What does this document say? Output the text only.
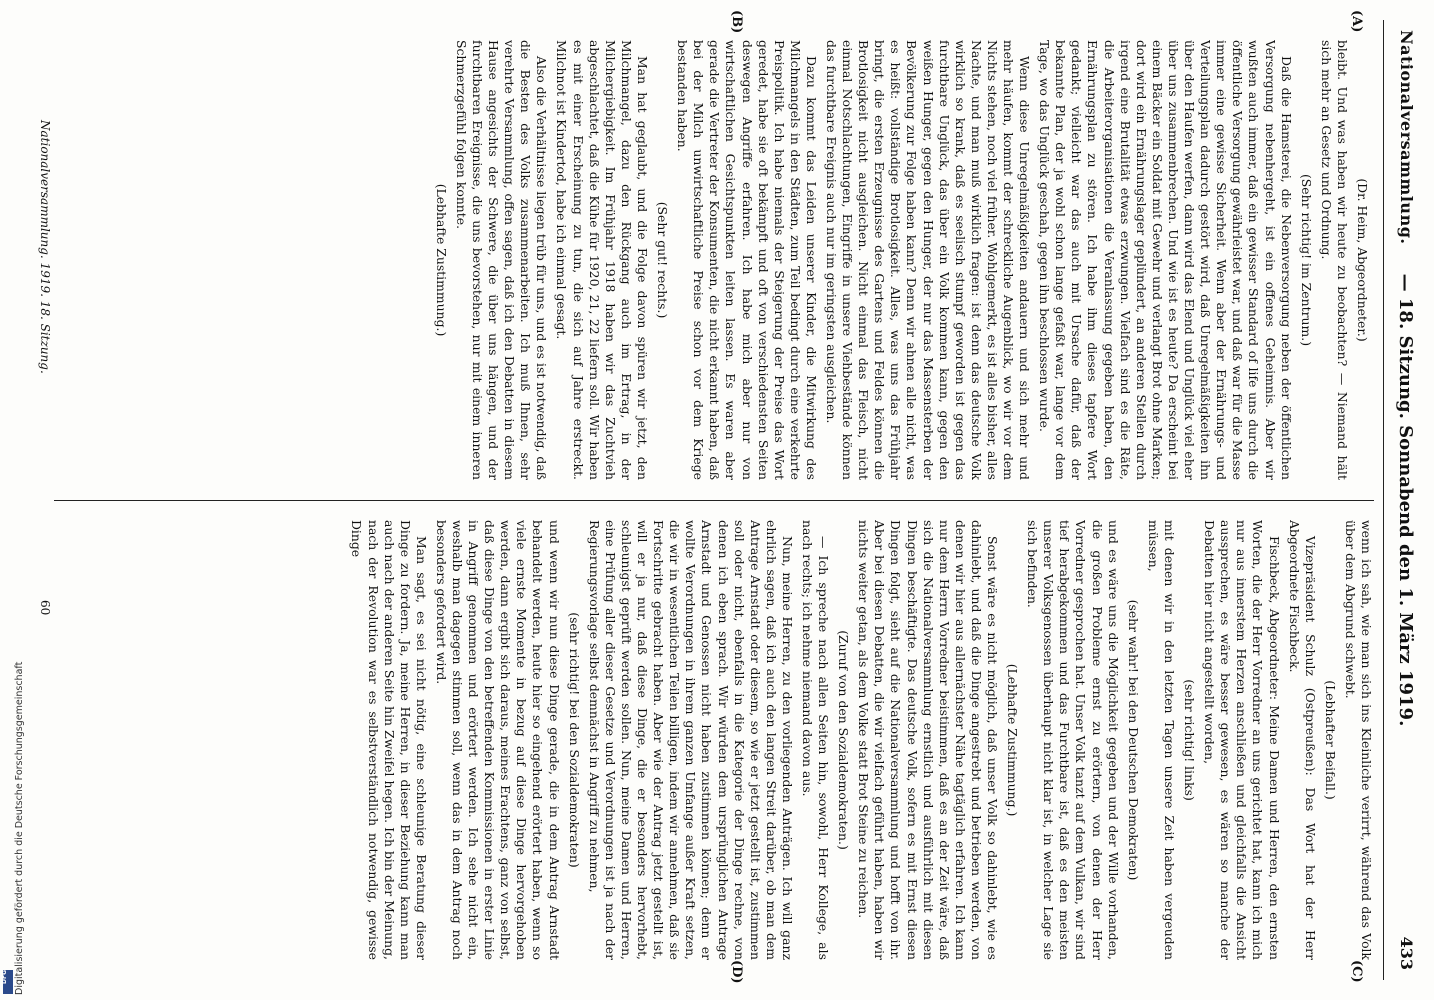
Nationalversammlung.
— 18. Sitzung. Sonnabend den 1. März 1919.
433
(A)
(B)
(C)
(D)

(Dr. Heim, Abgeordneter.)

bleibt. Und was haben wir heute zu beobachten? — Niemand hält sich mehr an Gesetz und Ordnung.

(Sehr richtig! im Zentrum.)

Daß die Hamsterei, die Nebenversorgung neben der öffentlichen Versorgung nebenhergeht, ist ein offenes Geheimnis. Aber wir wußten auch immer, daß ein gewisser Standard of life uns durch die öffentliche Versorgung gewährleistet war, und daß war für die Masse immer eine gewisse Sicherheit. Wenn aber der Ernährungs- und Verteilungsplan dadurch gestört wird, daß Unregelmäßigkeiten ihn über den Haufen werfen, dann wird das Elend und Unglück viel eher über uns zusammenbrechen. Und wie ist es heute? Da erscheint bei einem Bäcker ein Soldat mit Gewehr und verlangt Brot ohne Marken; dort wird ein Ernährungslager geplündert, an anderen Stellen durch irgend eine Brutalität etwas erzwungen. Vielfach sind es die Räte, die Arbeiterorganisationen die Veranlassung gegeben haben, den Ernährungsplan zu stören. Ich habe ihm dieses tapfere Wort gedankt; vielleicht war das auch mit Ursache dafür, daß der bekannte Plan, der ja wohl schon lange gefaßt war, lange vor dem Tage, wo das Unglück geschah, gegen ihn beschlossen wurde.

Wenn diese Unregelmäßigkeiten andauern und sich mehr und mehr häufen, kommt der schreckliche Augenblick, wo wir vor dem Nichts stehen, noch viel früher. Wohlgemerkt, es ist alles bisher, alles Nachte, und man muß wirklich fragen: ist denn das deutsche Volk wirklich so krank, daß es seelisch stumpf geworden ist gegen das furchtbare Unglück, das über ein Volk kommen kann, gegen den weißen Hunger, gegen den Hunger, der nur das Massensterben der Bevölkerung zur Folge haben kann? Denn wir ahnen alle nicht, was es heißt: vollständige Brotlosigkeit. Alles, was uns das Frühjahr bringt, die ersten Erzeugnisse des Gartens und Feldes können die Brotlosigkeit nicht ausgleichen. Nicht einmal das Fleisch, nicht einmal Notschlachtungen, Eingriffe in unsere Viehbestände können das furchtbare Ereignis auch nur im geringsten ausgleichen.

Dazu kommt das Leiden unserer Kinder, die Mitwirkung des Milchmangels in den Städten, zum Teil bedingt durch eine verkehrte Preispolitik. Ich habe niemals der Steigerung der Preise das Wort geredet, habe sie oft bekämpft und oft von verschiedensten Seiten deswegen Angriffe erfahren. Ich habe mich aber nur von wirtschaftlichen Gesichtspunkten leiten lassen. Es waren aber gerade die Vertreter der Konsumenten, die nicht erkannt haben, daß bei der Milch unwirtschaftliche Preise schon vor dem Kriege bestanden haben.

(Sehr gut! rechts.)

Man hat geglaubt, und die Folge davon spüren wir jetzt, den Milchmangel, dazu den Rückgang auch im Ertrag, in der Milchergiebigkeit. Im Frühjahr 1918 haben wir das Zuchtvieh abgeschlachtet, daß die Kühe für 1920, 21, 22 liefern soll. Wir haben es mit einer Erscheinung zu tun, die sich auf Jahre erstreckt. Milchnot ist Kindertod, habe ich einmal gesagt.

Also die Verhältnisse liegen trüb für uns, und es ist notwendig, daß die Besten des Volks zusammenarbeiten. Ich muß Ihnen, sehr verehrte Versammlung, offen sagen, daß ich den Debatten in diesem Hause angesichts der Schwere, die über uns hängen, und der furchtbaren Ereignisse, die uns bevorstehen, nur mit einem inneren Schmerzgefühl folgen konnte.

(Lebhafte Zustimmung.)

wenn ich sah, wie man sich ins Kleinliche verirrt, während das Volk über dem Abgrund schwebt.

(Lebhafter Beifall.)

Vizepräsident Schulz (Ostpreußen): Das Wort hat der Herr Abgeordnete Fischbeck.

Fischbeck, Abgeordneter: Meine Damen und Herren, den ernsten Worten, die der Herr Vorredner an uns gerichtet hat, kann ich mich nur aus innerstem Herzen anschließen und gleichfalls die Ansicht aussprechen, es wäre besser gewesen, es wären so manche der Debatten hier nicht angestellt worden,

(sehr richtig! links)

mit denen wir in den letzten Tagen unsere Zeit haben vergeuden müssen,

(sehr wahr! bei den Deutschen Demokraten)

und es wäre uns die Möglichkeit gegeben und der Wille vorhanden, die großen Probleme ernst zu erörtern, von denen der Herr Vorredner gesprochen hat. Unser Volk tanzt auf dem Vulkan, wir sind tief herabgekommen und das Furchtbare ist, daß es den meisten unserer Volksgenossen überhaupt nicht klar ist, in welcher Lage sie sich befinden.

(Lebhafte Zustimmung.)

Sonst wäre es nicht möglich, daß unser Volk so dahinlebt, wie es dahinlebt, und daß die Dinge angestrebt und betrieben werden, von denen wir hier aus allernächster Nähe tagtäglich erfahren. Ich kann nur dem Herrn Vorredner beistimmen, daß es an der Zeit wäre, daß sich die Nationalversammlung ernstlich und ausführlich mit diesen Dingen beschäftigte. Das deutsche Volk, sofern es mit Ernst diesen Dingen folgt, sieht auf die Nationalversammlung und hofft von ihr. Aber bei diesen Debatten, die wir vielfach geführt haben, haben wir nichts weiter getan, als dem Volke statt Brot Steine zu reichen.

(Zuruf von den Sozialdemokraten.)

— Ich spreche nach allen Seiten hin, sowohl, Herr Kollege, als nach rechts; ich nehme niemand davon aus.

Nun, meine Herren, zu den vorliegenden Anträgen. Ich will ganz ehrlich sagen, daß ich auch den langen Streit darüber, ob man dem Antrage Arnstadt oder diesem, so wie er jetzt gestellt ist, zustimmen soll oder nicht, ebenfalls in die Kategorie der Dinge rechne, von denen ich eben sprach. Wir würden dem ursprünglichen Antrage Arnstadt und Genossen nicht haben zustimmen können; denn er wollte Verordnungen in ihrem ganzen Umfange außer Kraft setzen, die wir in wesentlichen Teilen billigen, indem wir annehmen, daß sie Fortschritte gebracht haben. Aber wie der Antrag jetzt gestellt ist, will er ja nur, daß diese Dinge, die er besonders hervorhebt, schleunigst geprüft werden sollen. Nun, meine Damen und Herren, eine Prüfung aller dieser Gesetze und Verordnungen ist ja nach der Regierungsvorlage selbst demnächst in Angriff zu nehmen,

(sehr richtig! bei den Sozialdemokraten)

und wenn wir nun diese Dinge gerade, die in dem Antrag Arnstadt behandelt werden, heute hier so eingehend erörtert haben, wenn so viele ernste Momente in bezug auf diese Dinge hervorgehoben werden, dann ergibt sich daraus, meines Erachtens, ganz von selbst, daß diese Dinge von den betreffenden Kommissionen in erster Linie in Angriff genommen und erörtert werden. Ich sehe nicht ein, weshalb man dagegen stimmen soll, wenn das in dem Antrag noch besonders gefordert wird.

Man sagt, es sei nicht nötig, eine schleunige Beratung dieser Dinge zu fordern. Ja, meine Herren, in dieser Beziehung kann man auch nach der anderen Seite hin Zweifel hegen. Ich bin der Meinung, nach der Revolution war es selbstverständlich notwendig, gewisse Dinge

Nationalversammlung. 1919. 18. Sitzung.
60
Digitalisierung gefördert durch die Deutsche Forschungsgemeinschaft
DFG
